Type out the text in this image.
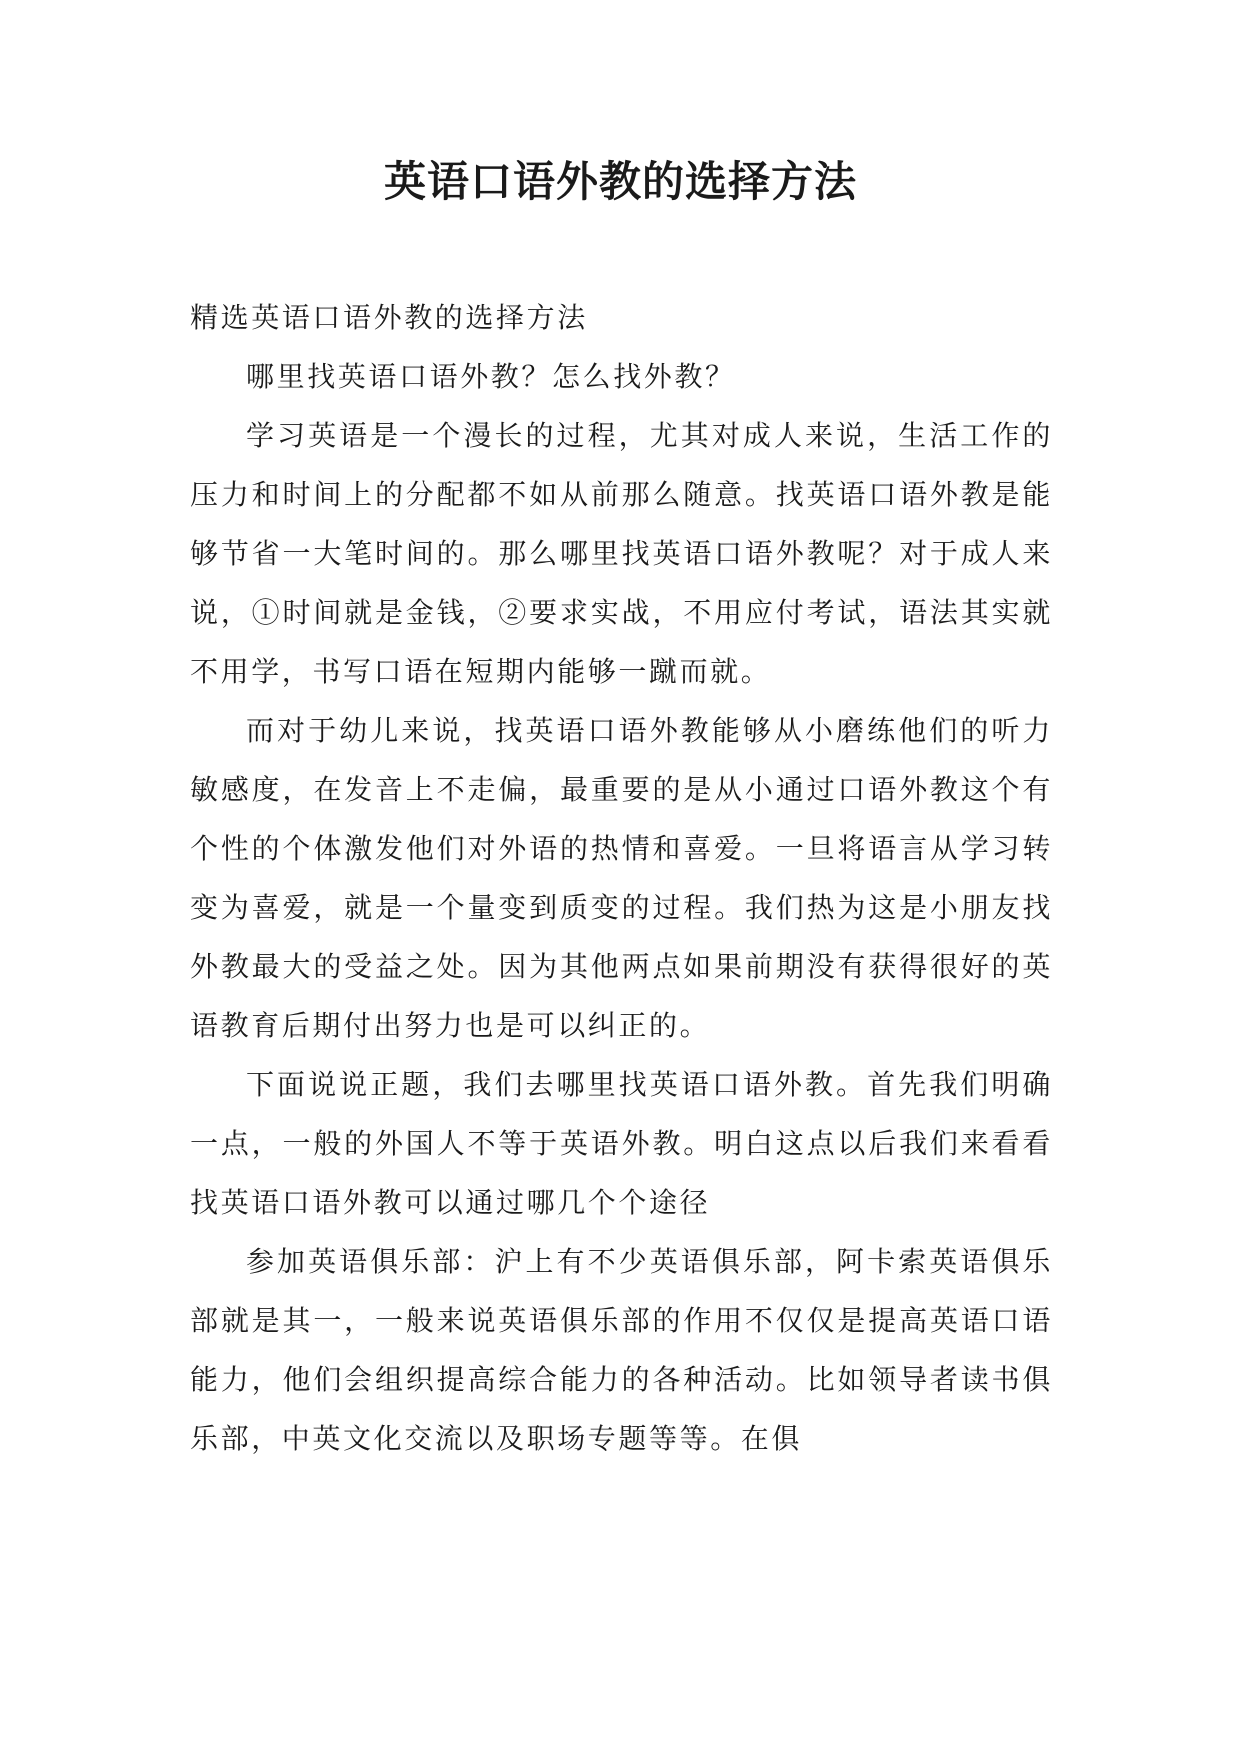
英语口语外教的选择方法

精选英语口语外教的选择方法

哪里找英语口语外教？怎么找外教？

学习英语是一个漫长的过程，尤其对成人来说，生活工作的压力和时间上的分配都不如从前那么随意。找英语口语外教是能够节省一大笔时间的。那么哪里找英语口语外教呢？对于成人来说，①时间就是金钱，②要求实战，不用应付考试，语法其实就不用学，书写口语在短期内能够一蹴而就。

而对于幼儿来说，找英语口语外教能够从小磨练他们的听力敏感度，在发音上不走偏，最重要的是从小通过口语外教这个有个性的个体激发他们对外语的热情和喜爱。一旦将语言从学习转变为喜爱，就是一个量变到质变的过程。我们热为这是小朋友找外教最大的受益之处。因为其他两点如果前期没有获得很好的英语教育后期付出努力也是可以纠正的。

下面说说正题，我们去哪里找英语口语外教。首先我们明确一点，一般的外国人不等于英语外教。明白这点以后我们来看看找英语口语外教可以通过哪几个个途径

参加英语俱乐部：沪上有不少英语俱乐部，阿卡索英语俱乐部就是其一，一般来说英语俱乐部的作用不仅仅是提高英语口语能力，他们会组织提高综合能力的各种活动。比如领导者读书俱乐部，中英文化交流以及职场专题等等。在俱
